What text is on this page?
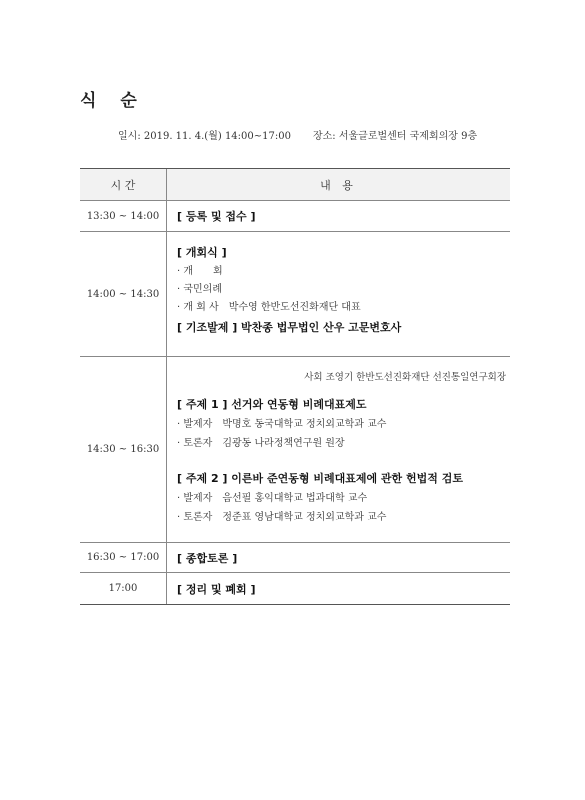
식 순
일시: 2019. 11. 4.(월) 14:00~17:00 장소: 서울글로벌센터 국제회의장 9층
시 간	내 용
13:30 ~ 14:00	[ 등록 및 접수 ]
14:00 ~ 14:30
[ 개회식 ]
· 개　　회
· 국민의례
· 개 회 사　박수영 한반도선진화재단 대표
[ 기조발제 ] 박찬종 법무법인 산우 고문변호사
14:30 ~ 16:30
사회 조영기 한반도선진화재단 선진통일연구회장
[ 주제 1 ] 선거와 연동형 비례대표제도
· 발제자　박명호 동국대학교 정치외교학과 교수
· 토론자　김광동 나라정책연구원 원장
[ 주제 2 ] 이른바 준연동형 비례대표제에 관한 헌법적 검토
· 발제자　음선필 홍익대학교 법과대학 교수
· 토론자　정준표 영남대학교 정치외교학과 교수
16:30 ~ 17:00	[ 종합토론 ]
17:00	[ 정리 및 폐회 ]
